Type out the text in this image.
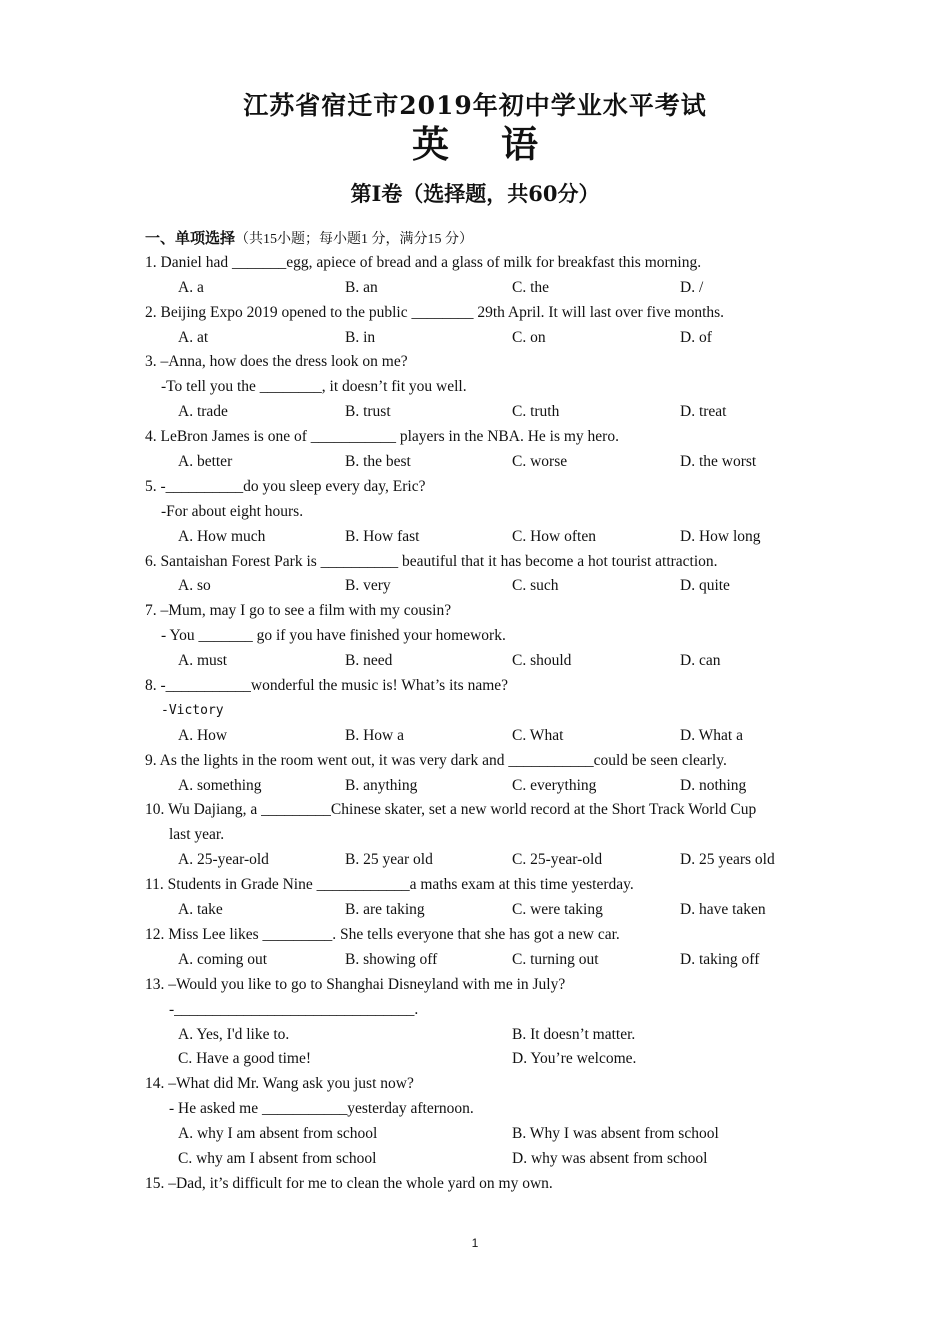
江苏省宿迁市2019年初中学业水平考试
英 语
第I卷（选择题，共60分）
一、单项选择（共15小题；每小题1 分，满分15 分）
1. Daniel had _______egg, apiece of bread and a glass of milk for breakfast this morning.
A. a	B. an	C. the	D. /
2. Beijing Expo 2019 opened to the public ________ 29th April. It will last over five months.
A. at	B. in	C. on	D. of
3. –Anna, how does the dress look on me?
-To tell you the ________, it doesn’t fit you well.
A. trade	B. trust	C. truth	D. treat
4. LeBron James is one of ___________ players in the NBA. He is my hero.
A. better	B. the best	C. worse	D. the worst
5. -__________do you sleep every day, Eric?
-For about eight hours.
A. How much	B. How fast	C. How often	D. How long
6. Santaishan Forest Park is __________ beautiful that it has become a hot tourist attraction.
A. so	B. very	C. such	D. quite
7. –Mum, may I go to see a film with my cousin?
- You _______ go if you have finished your homework.
A. must	B. need	C. should	D. can
8. -___________wonderful the music is! What’s its name?
-Victory
A. How	B. How a	C. What	D. What a
9. As the lights in the room went out, it was very dark and ___________could be seen clearly.
A. something	B. anything	C. everything	D. nothing
10. Wu Dajiang, a _________Chinese skater, set a new world record at the Short Track World Cup
last year.
A. 25-year-old	B. 25 year old	C. 25-year-old	D. 25 years old
11. Students in Grade Nine ____________a maths exam at this time yesterday.
A. take	B. are taking	C. were taking	D. have taken
12. Miss Lee likes _________. She tells everyone that she has got a new car.
A. coming out	B. showing off	C. turning out	D. taking off
13. –Would you like to go to Shanghai Disneyland with me in July?
-_______________________________.
A. Yes, I'd like to.	B. It doesn’t matter.
C. Have a good time!	D. You’re welcome.
14. –What did Mr. Wang ask you just now?
- He asked me ___________yesterday afternoon.
A. why I am absent from school	B. Why I was absent from school
C. why am I absent from school	D. why was absent from school
15. –Dad, it’s difficult for me to clean the whole yard on my own.
1
